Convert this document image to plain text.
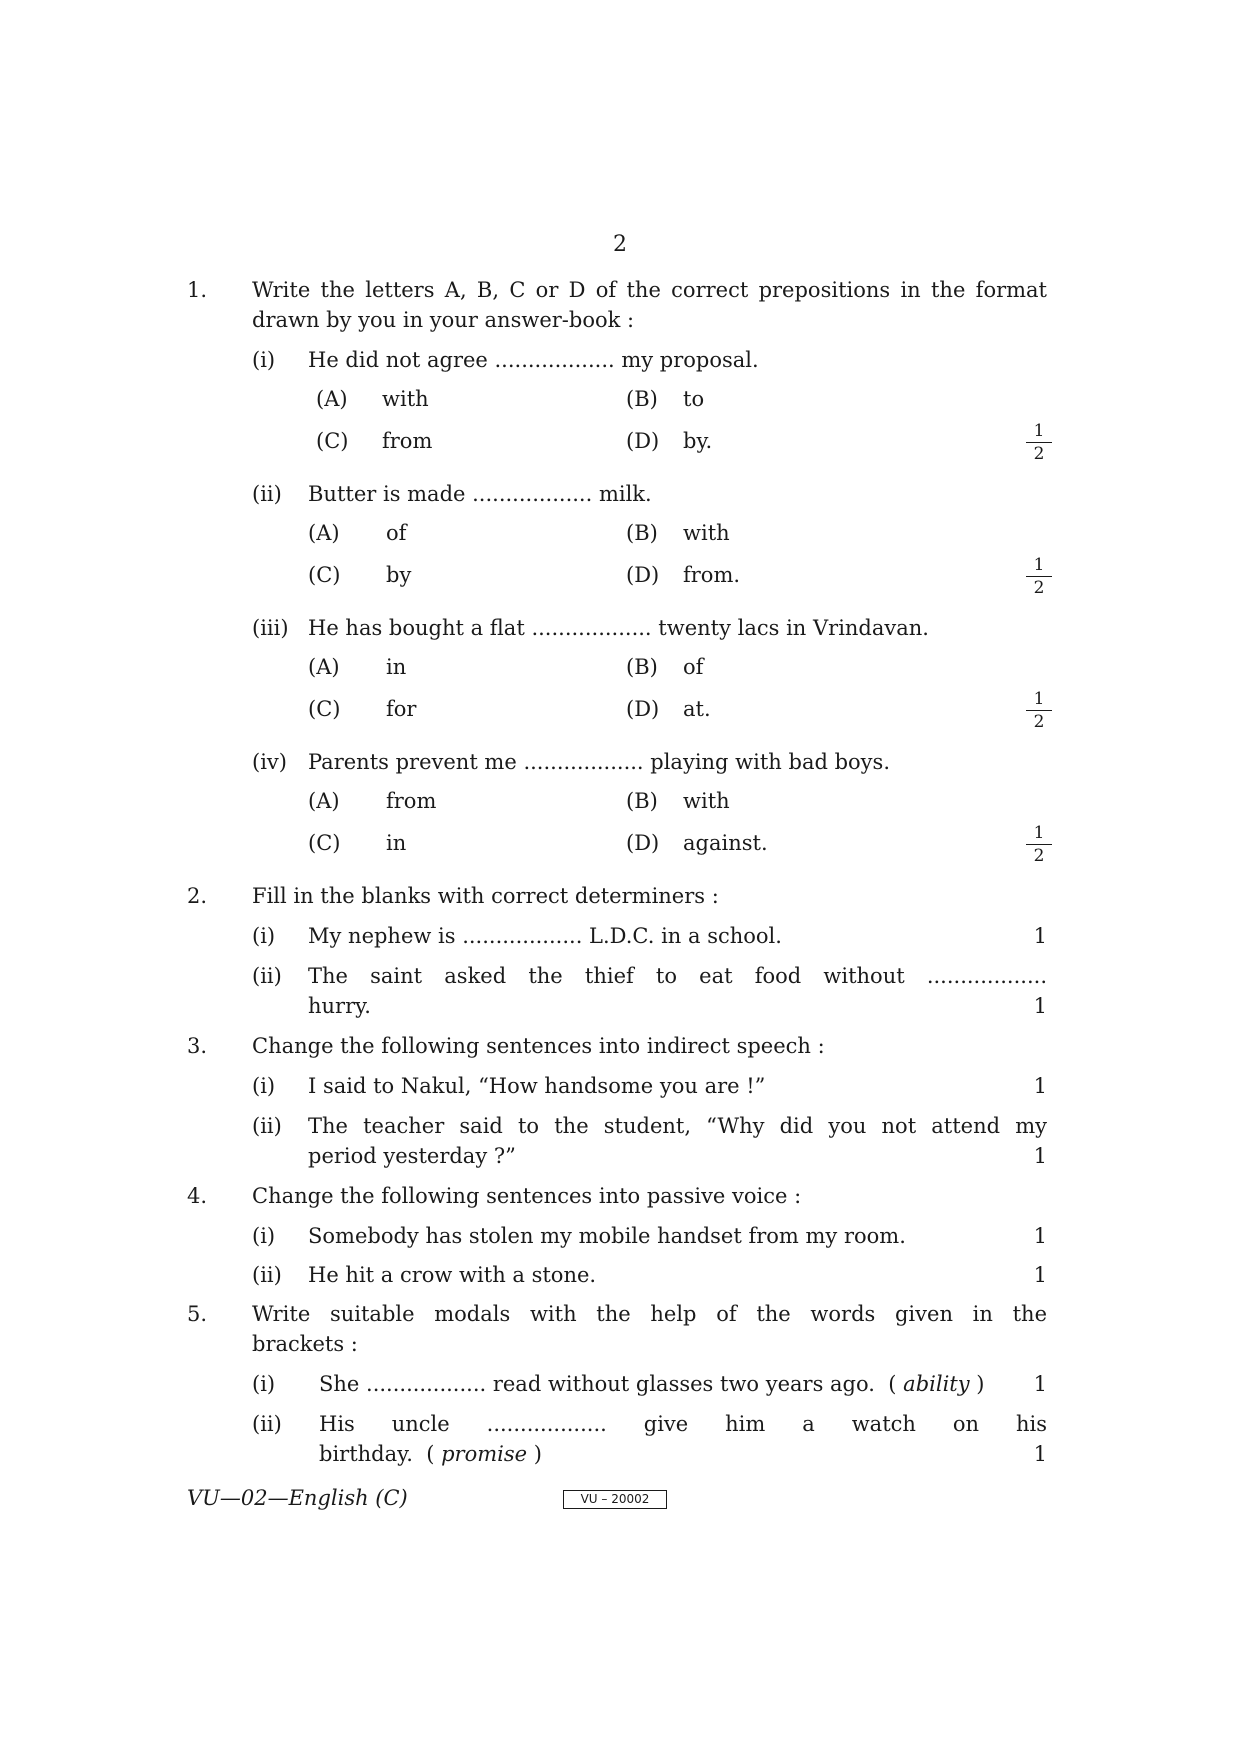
2
1. Write the letters A, B, C or D of the correct prepositions in the format
drawn by you in your answer-book :
(i) He did not agree .................. my proposal.
(A) with	(B) to
(C) from	(D) by.	$\frac{1}{2}$
(ii) Butter is made .................. milk.
(A) of	(B) with
(C) by	(D) from.	$\frac{1}{2}$
(iii) He has bought a flat .................. twenty lacs in Vrindavan.
(A) in	(B) of
(C) for	(D) at.	$\frac{1}{2}$
(iv) Parents prevent me .................. playing with bad boys.
(A) from	(B) with
(C) in	(D) against.	$\frac{1}{2}$
2. Fill in the blanks with correct determiners :
(i) My nephew is .................. L.D.C. in a school.	1
(ii) The saint asked the thief to eat food without ..................
hurry.	1
3. Change the following sentences into indirect speech :
(i) I said to Nakul, “How handsome you are !”	1
(ii) The teacher said to the student, “Why did you not attend my
period yesterday ?”	1
4. Change the following sentences into passive voice :
(i) Somebody has stolen my mobile handset from my room.	1
(ii) He hit a crow with a stone.	1
5. Write suitable modals with the help of the words given in the
brackets :
(i) She .................. read without glasses two years ago.  ( ability ) 1
(ii) His uncle .................. give him a watch on his
birthday.  ( promise )	1
VU—02—English (C)	VU – 20002
